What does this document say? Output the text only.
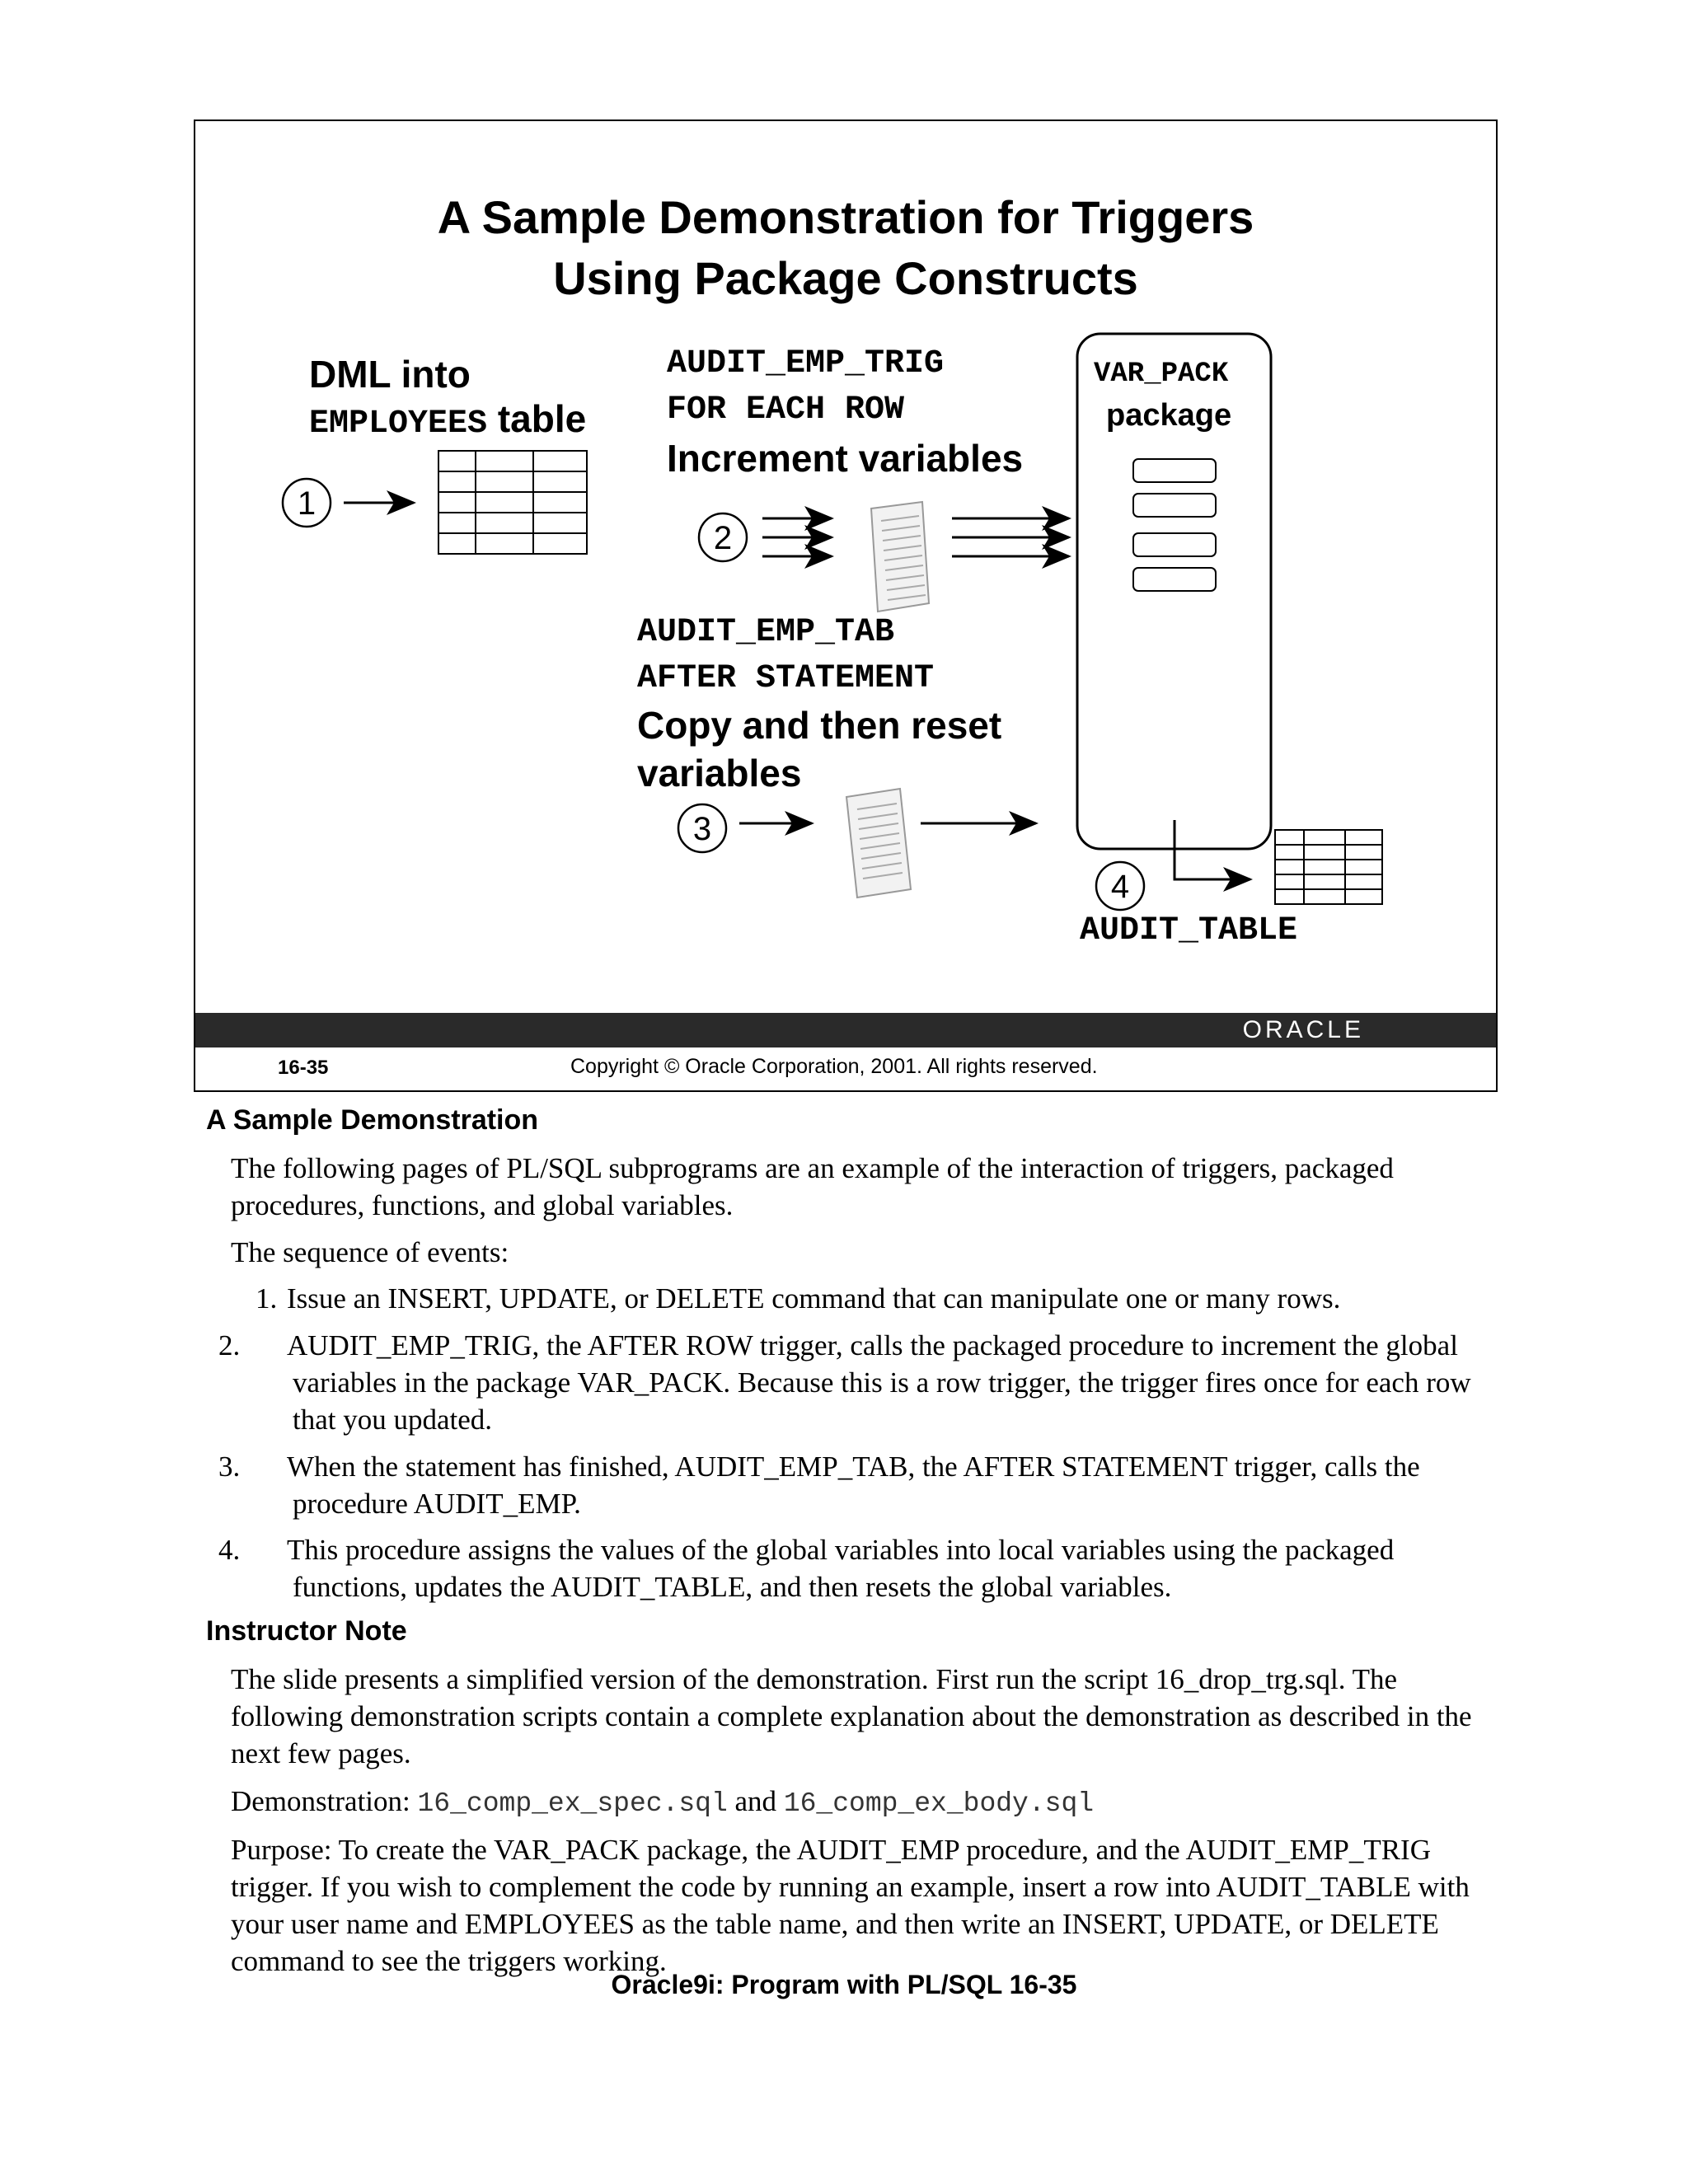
A Sample Demonstration for Triggers
Using Package Constructs
DML into
EMPLOYEES table
AUDIT_EMP_TRIG
FOR EACH ROW
Increment variables
AUDIT_EMP_TAB
AFTER STATEMENT
Copy and then reset
variables
VAR_PACK
package
AUDIT_TABLE
1
2
3
4
ORACLE
16-35	Copyright © Oracle Corporation, 2001. All rights reserved.
A Sample Demonstration
The following pages of PL/SQL subprograms are an example of the interaction of triggers, packaged procedures, functions, and global variables.
The sequence of events:
1. Issue an INSERT, UPDATE, or DELETE command that can manipulate one or many rows.
2. AUDIT_EMP_TRIG, the AFTER ROW trigger, calls the packaged procedure to increment the global variables in the package VAR_PACK. Because this is a row trigger, the trigger fires once for each row that you updated.
3. When the statement has finished, AUDIT_EMP_TAB, the AFTER STATEMENT trigger, calls the procedure AUDIT_EMP.
4. This procedure assigns the values of the global variables into local variables using the packaged functions, updates the AUDIT_TABLE, and then resets the global variables.
Instructor Note
The slide presents a simplified version of the demonstration. First run the script 16_drop_trg.sql. The following demonstration scripts contain a complete explanation about the demonstration as described in the next few pages.
Demonstration: 16_comp_ex_spec.sql and 16_comp_ex_body.sql
Purpose: To create the VAR_PACK package, the AUDIT_EMP procedure, and the AUDIT_EMP_TRIG trigger. If you wish to complement the code by running an example, insert a row into AUDIT_TABLE with your user name and EMPLOYEES as the table name, and then write an INSERT, UPDATE, or DELETE command to see the triggers working.
Oracle9i: Program with PL/SQL 16-35
